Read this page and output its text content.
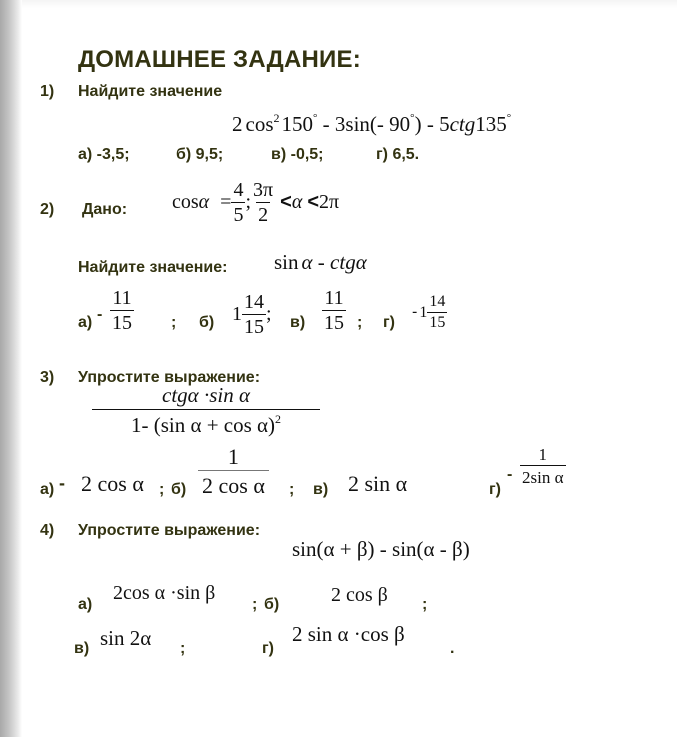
ДОМАШНЕЕ ЗАДАНИЕ:
1) Найдите значение
2 $\cos^2150^\circ - 3\sin(-$ 90°) - 5ctg135°
а) -3,5;	б) 9,5;	в) -0,5;	г) 6,5.
2) Дано: $\cos\alpha = \frac{4}{5}$ ; $\frac{3\pi}{2} <\alpha <2\pi$
Найдите значение: sin α - ctgα
$а) - \frac{11}{15}$ ; б) $1 \frac{14}{15}$ ; $в) \frac{11}{15}$ ; г)
- $1 \frac{14}{15}$
3) Упростите выражение:
$\frac{\text{ctgα ·sin α}}{1- (\sin \alpha + \cos \alpha)^2}$
а) - 2 cos α ; $б) \frac{1}{\text{2 cos α}}$ ; в) 2 sin α	г)
- $\frac{1}{\text{2sin α}}$
4) Упростите выражение:
sin(α + β) - sin(α - β)
а)
2cos α ·sin β
; б)	2 cos β ;
в) sin 2α ;	г)
2 sin α ·cos β
.
